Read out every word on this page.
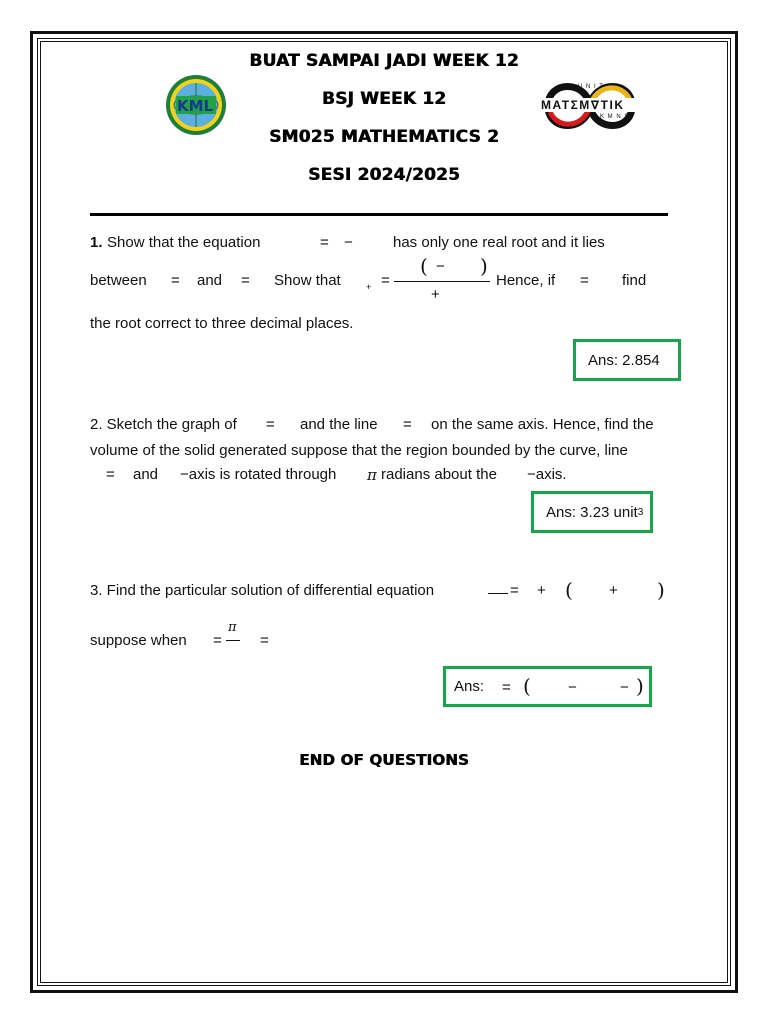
KML
U N I T
MATΣM∇TIK
K M N S
BUAT SAMPAI JADI WEEK 12
BSJ WEEK 12
SM025 MATHEMATICS 2
SESI 2024/2025
1. Show that the equation	= −	has only one real root and it lies
between = and = Show that	+ =
( − )
+
Hence, if = find
the root correct to three decimal places.
Ans: 2.854
2. Sketch the graph of = and the line = on the same axis. Hence, find the
volume of the solid generated suppose that the region bounded by the curve, line
= and −axis is rotated through π radians about the −axis.
Ans: 3.23 unit 3
3. Find the particular solution of differential equation	= + ( + )
suppose when =
π
=
Ans: = ( −	− )
END OF QUESTIONS
